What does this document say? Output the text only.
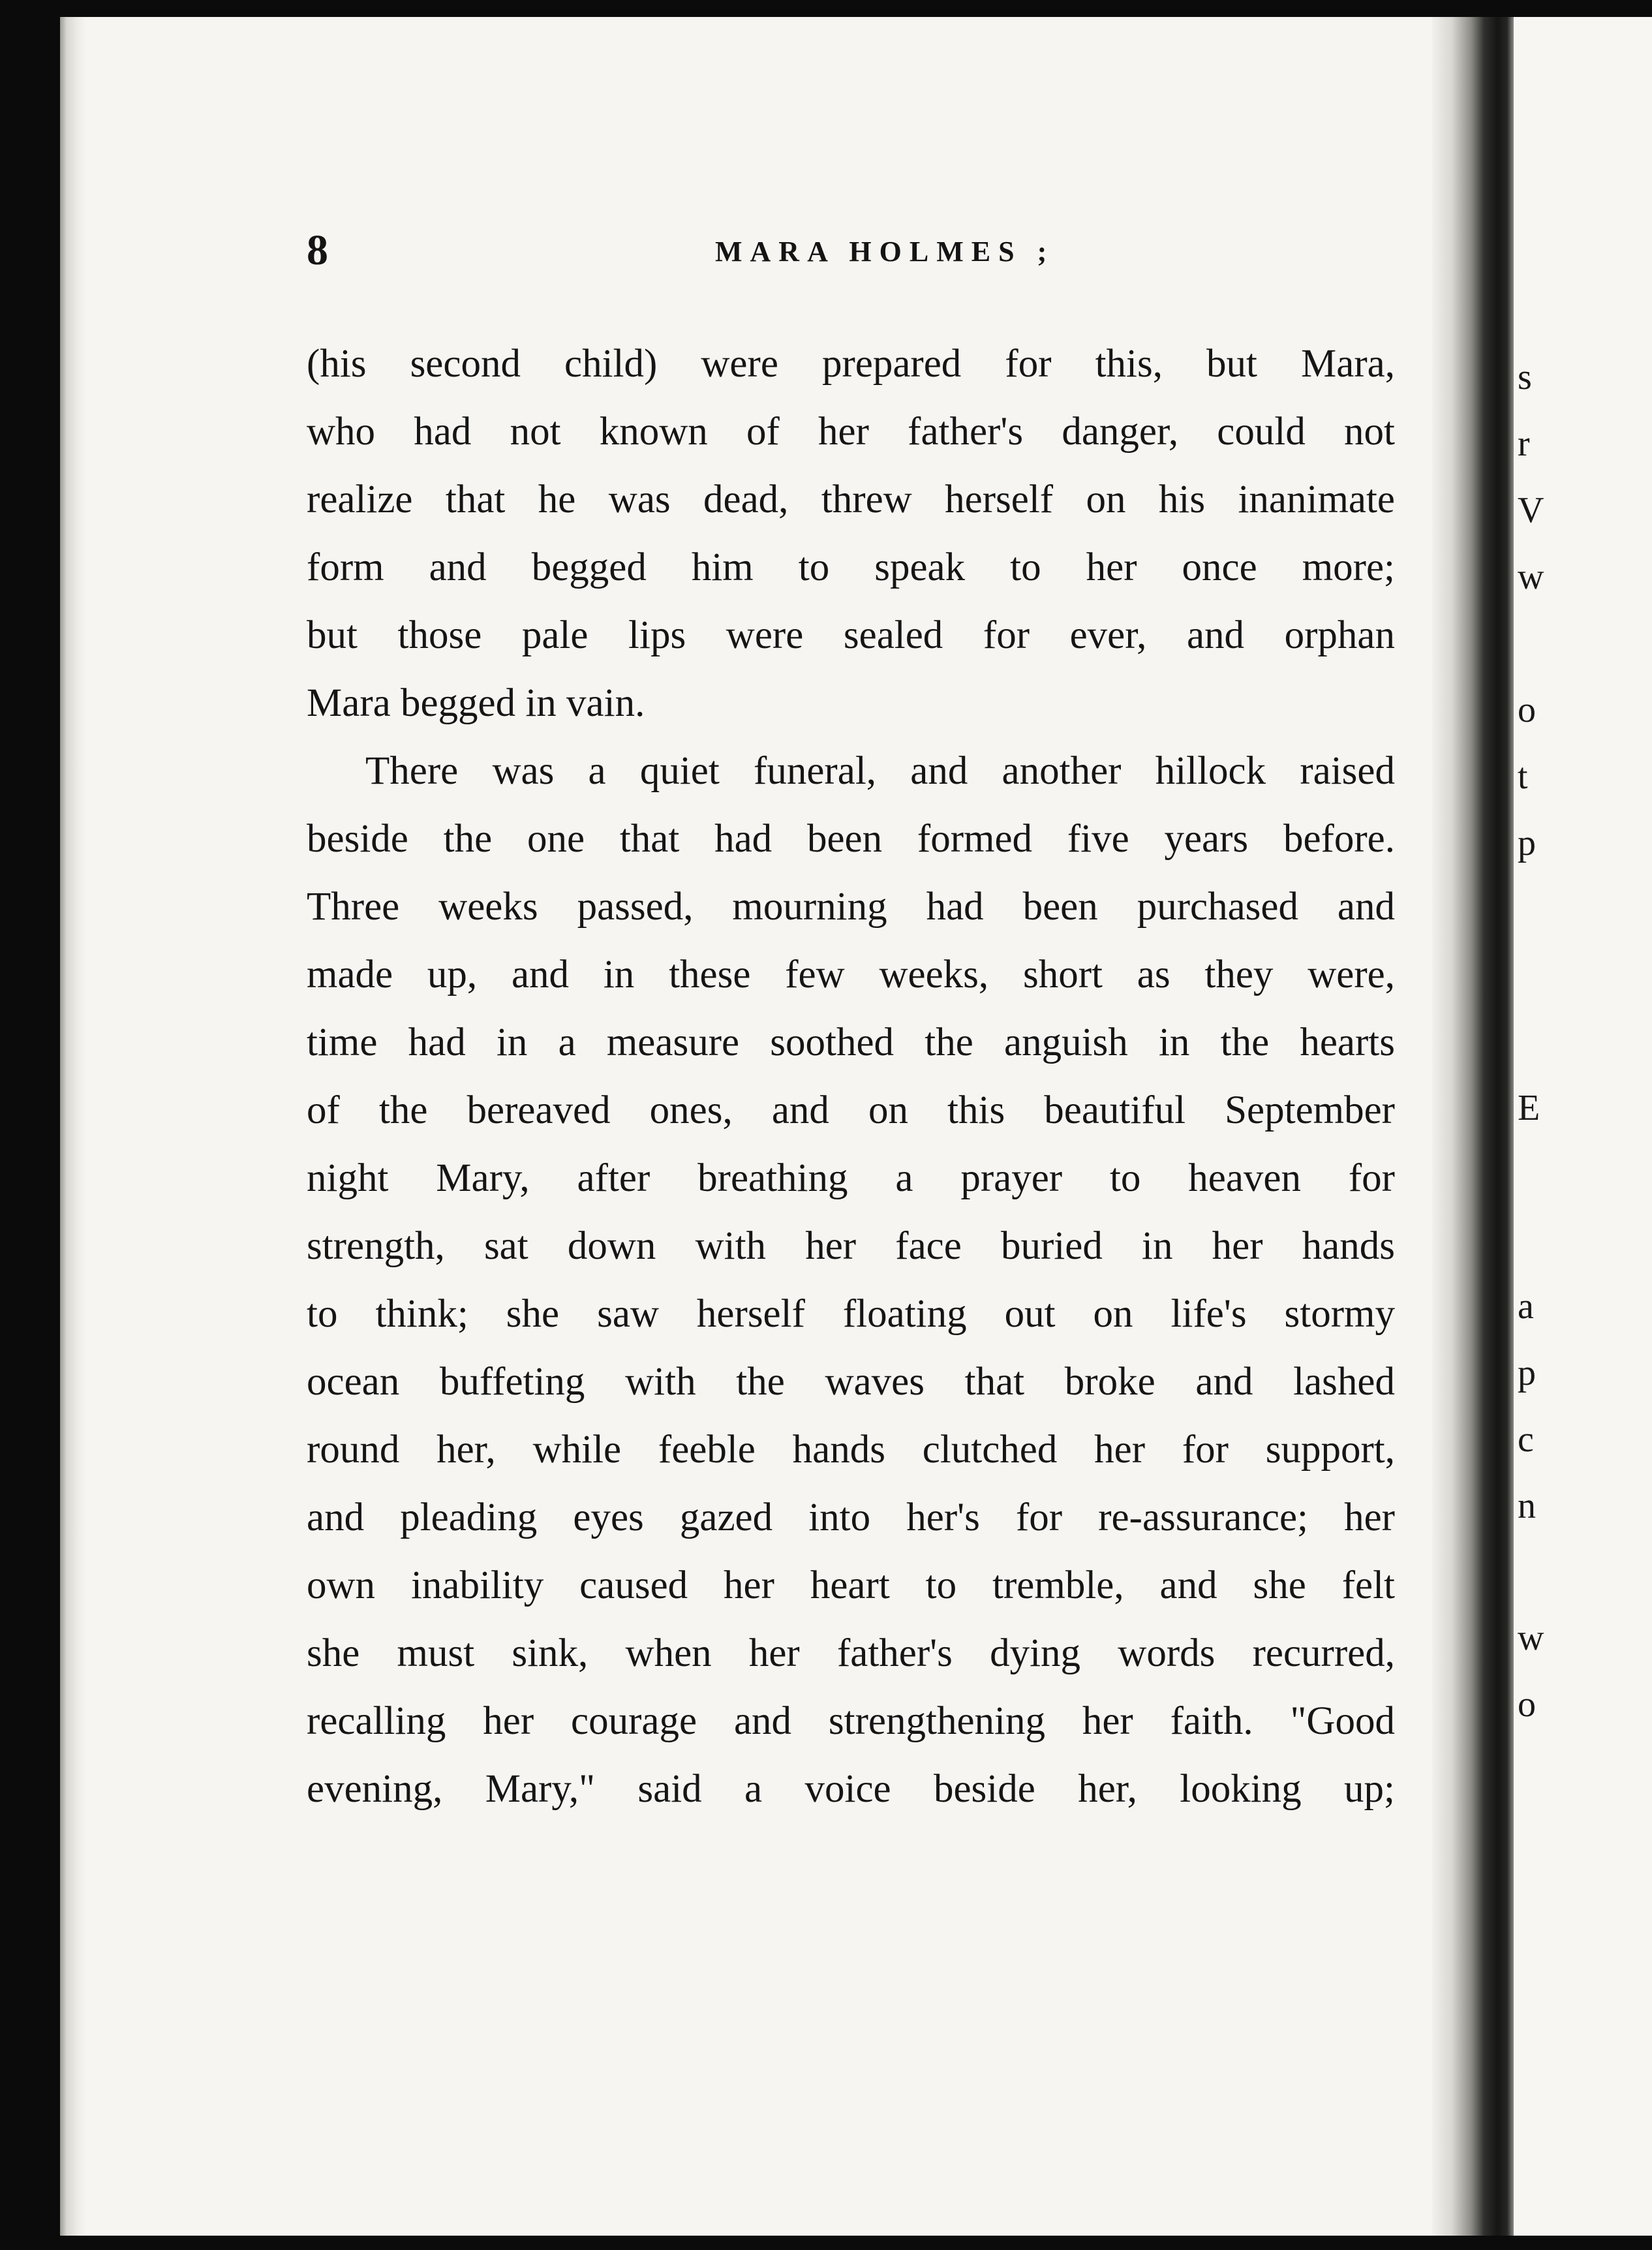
8	MARA HOLMES ;
(his second child) were prepared for this, but Mara,
who had not known of her father's danger, could not
realize that he was dead, threw herself on his inanimate
form and begged him to speak to her once more;
but those pale lips were sealed for ever, and orphan
Mara begged in vain.
There was a quiet funeral, and another hillock raised
beside the one that had been formed five years before.
Three weeks passed, mourning had been purchased and
made up, and in these few weeks, short as they were,
time had in a measure soothed the anguish in the hearts
of the bereaved ones, and on this beautiful September
night Mary, after breathing a prayer to heaven for
strength, sat down with her face buried in her hands
to think; she saw herself floating out on life's stormy
ocean buffeting with the waves that broke and lashed
round her, while feeble hands clutched her for support,
and pleading eyes gazed into her's for re-assurance; her
own inability caused her heart to tremble, and she felt
she must sink, when her father's dying words recurred,
recalling her courage and strengthening her faith. "Good
evening, Mary," said a voice beside her, looking up;
s
r
V
w
o
t
p
E
a
p
c
n
w
o
